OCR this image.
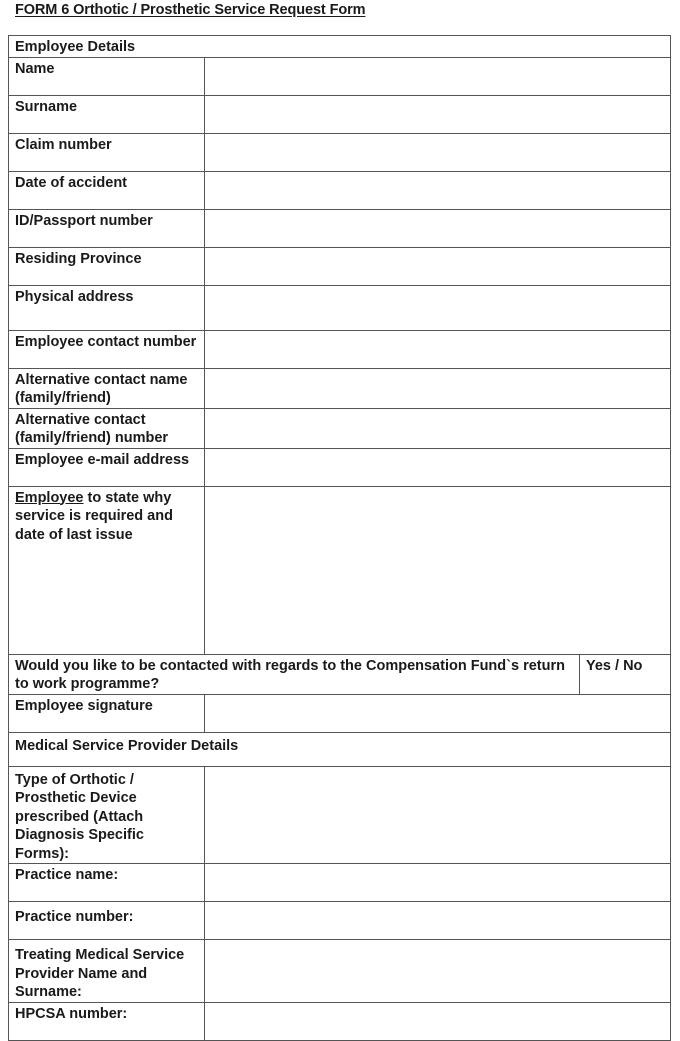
FORM 6 Orthotic / Prosthetic Service Request Form
Employee Details		
Name		
Surname		
Claim number		
Date of accident		
ID/Passport number		
Residing Province		
Physical address		
Employee contact number		
Alternative contact name (family/friend)		
Alternative contact (family/friend) number		
Employee e-mail address		
Employee to state why service is required and date of last issue		
Would you like to be contacted with regards to the Compensation Fund`s return to work programme?		Yes / No
Employee signature		
Medical Service Provider Details		
Type of Orthotic / Prosthetic Device prescribed (Attach Diagnosis Specific Forms):		
Practice name:		
Practice number:		
Treating Medical Service Provider Name and Surname:		
HPCSA number:		
